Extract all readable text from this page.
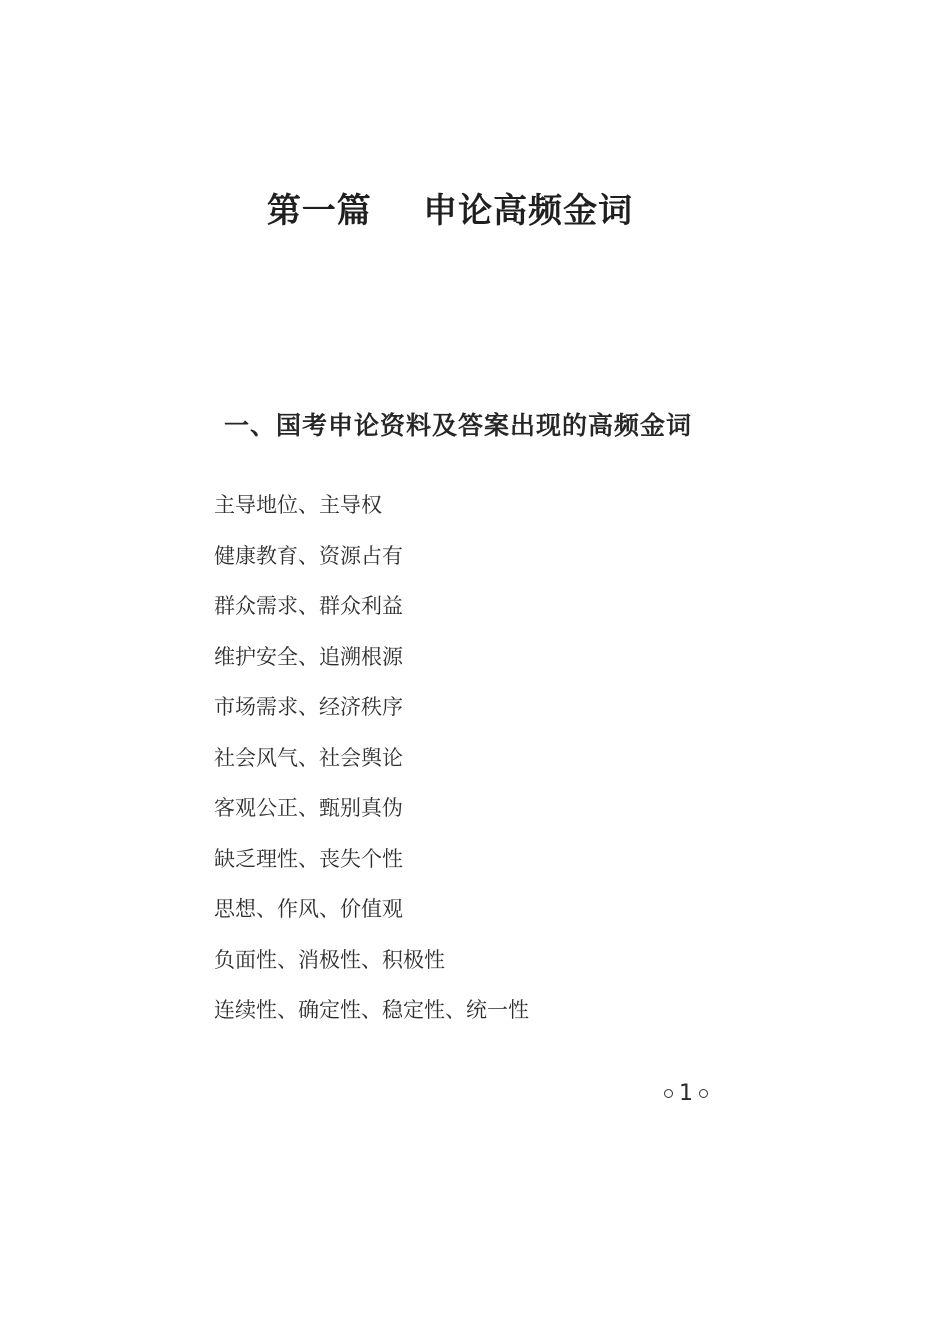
第一篇    申论高频金词
一、国考申论资料及答案出现的高频金词
主导地位、主导权
健康教育、资源占有
群众需求、群众利益
维护安全、追溯根源
市场需求、经济秩序
社会风气、社会舆论
客观公正、甄别真伪
缺乏理性、丧失个性
思想、作风、价值观
负面性、消极性、积极性
连续性、确定性、稳定性、统一性
1
